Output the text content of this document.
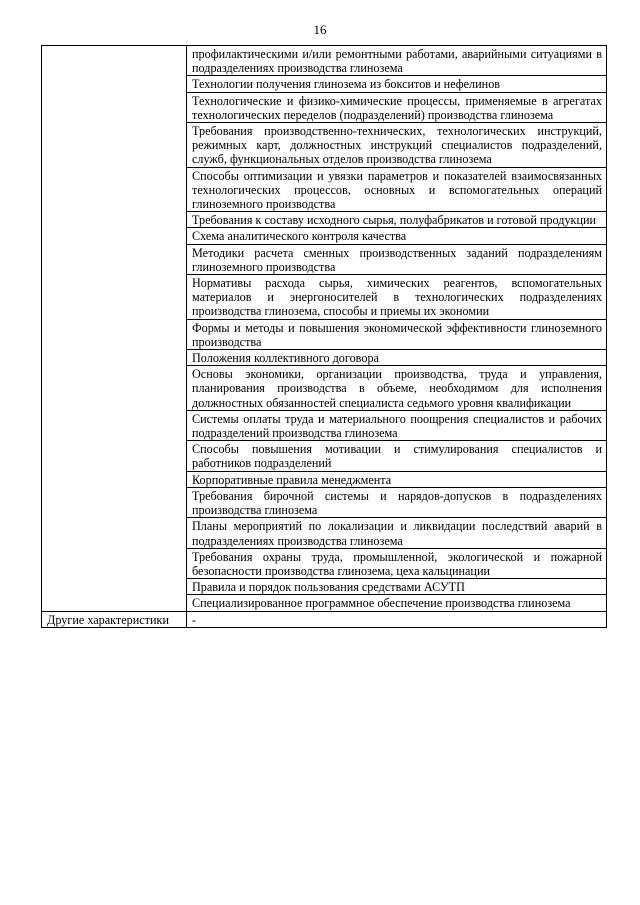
16
	профилактическими и/или ремонтными работами, аварийными ситуациями в подразделениях производства глинозема
	Технологии получения глинозема из бокситов и нефелинов
	Технологические и физико-химические процессы, применяемые в агрегатах технологических переделов (подразделений) производства глинозема
	Требования производственно-технических, технологических инструкций, режимных карт, должностных инструкций специалистов подразделений, служб, функциональных отделов производства глинозема
	Способы оптимизации и увязки параметров и показателей взаимосвязанных технологических процессов, основных и вспомогательных операций глиноземного производства
	Требования к составу исходного сырья, полуфабрикатов и готовой продукции
	Схема аналитического контроля качества
	Методики расчета сменных производственных заданий подразделениям глиноземного производства
	Нормативы расхода сырья, химических реагентов, вспомогательных материалов и энергоносителей в технологических подразделениях производства глинозема, способы и приемы их экономии
	Формы и методы и повышения экономической эффективности глиноземного производства
	Положения коллективного договора
	Основы экономики, организации производства, труда и управления, планирования производства в объеме, необходимом для исполнения должностных обязанностей специалиста седьмого уровня квалификации
	Системы оплаты труда и материального поощрения специалистов и рабочих подразделений производства глинозема
	Способы повышения мотивации и стимулирования специалистов и работников подразделений
	Корпоративные правила менеджмента
	Требования бирочной системы и нарядов-допусков в подразделениях производства глинозема
	Планы мероприятий по локализации и ликвидации последствий аварий в подразделениях производства глинозема
	Требования охраны труда, промышленной, экологической и пожарной безопасности производства глинозема, цеха кальцинации
	Правила и порядок пользования средствами АСУТП
	Специализированное программное обеспечение производства глинозема
Другие характеристики	-
